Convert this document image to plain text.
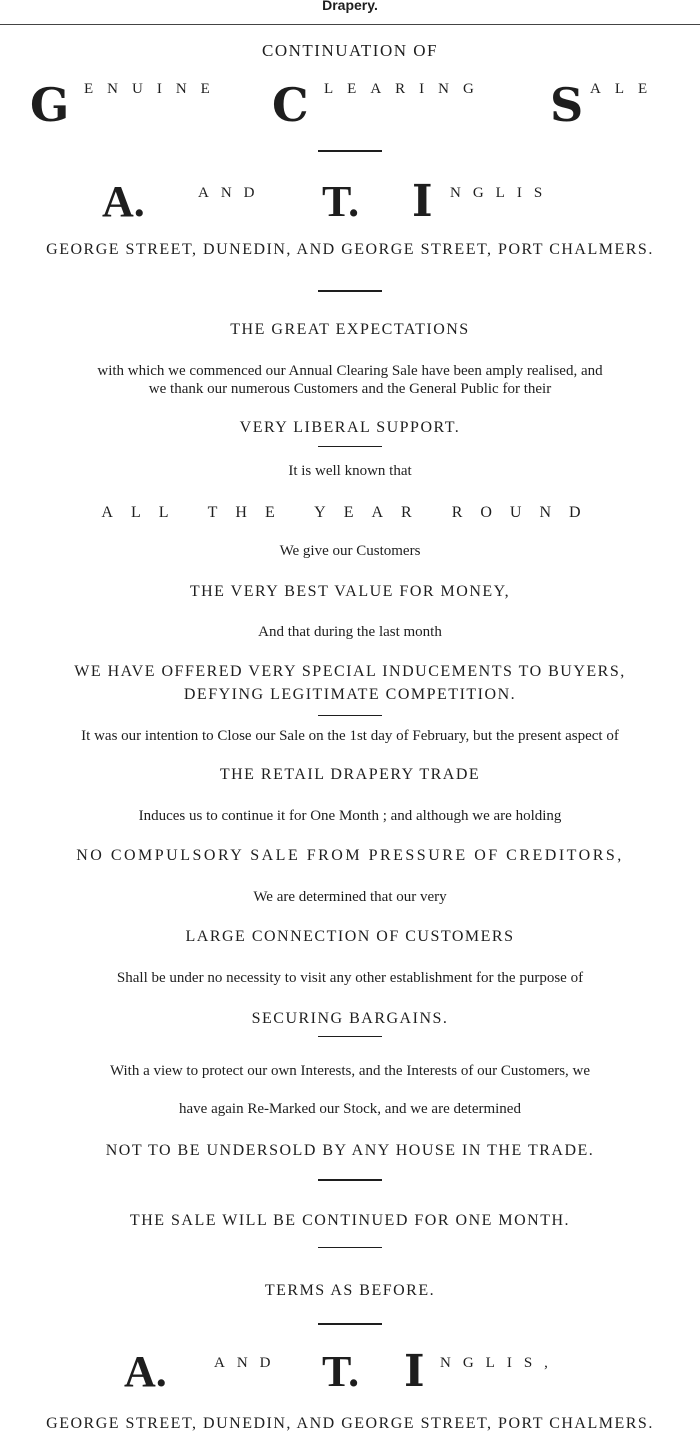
Drapery.
CONTINUATION OF
G ENUINE C LEARING S ALE
A.	AND T. I NGLIS
GEORGE STREET, DUNEDIN, AND GEORGE STREET, PORT CHALMERS.
THE GREAT EXPECTATIONS
with which we commenced our Annual Clearing Sale have been amply realised, and
we thank our numerous Customers and the General Public for their
VERY LIBERAL SUPPORT.
It is well known that
ALL THE YEAR ROUND
We give our Customers
THE VERY BEST VALUE FOR MONEY,
And that during the last month
WE HAVE OFFERED VERY SPECIAL INDUCEMENTS TO BUYERS,
DEFYING LEGITIMATE COMPETITION.
It was our intention to Close our Sale on the 1st day of February, but the present aspect of
THE RETAIL DRAPERY TRADE
Induces us to continue it for One Month ; and although we are holding
NO COMPULSORY SALE FROM PRESSURE OF CREDITORS,
We are determined that our very
LARGE CONNECTION OF CUSTOMERS
Shall be under no necessity to visit any other establishment for the purpose of
SECURING BARGAINS.
With a view to protect our own Interests, and the Interests of our Customers, we
have again Re-Marked our Stock, and we are determined
NOT TO BE UNDERSOLD BY ANY HOUSE IN THE TRADE.
THE SALE WILL BE CONTINUED FOR ONE MONTH.
TERMS AS BEFORE.
A.	AND T. I NGLIS,
GEORGE STREET, DUNEDIN, AND GEORGE STREET, PORT CHALMERS.
